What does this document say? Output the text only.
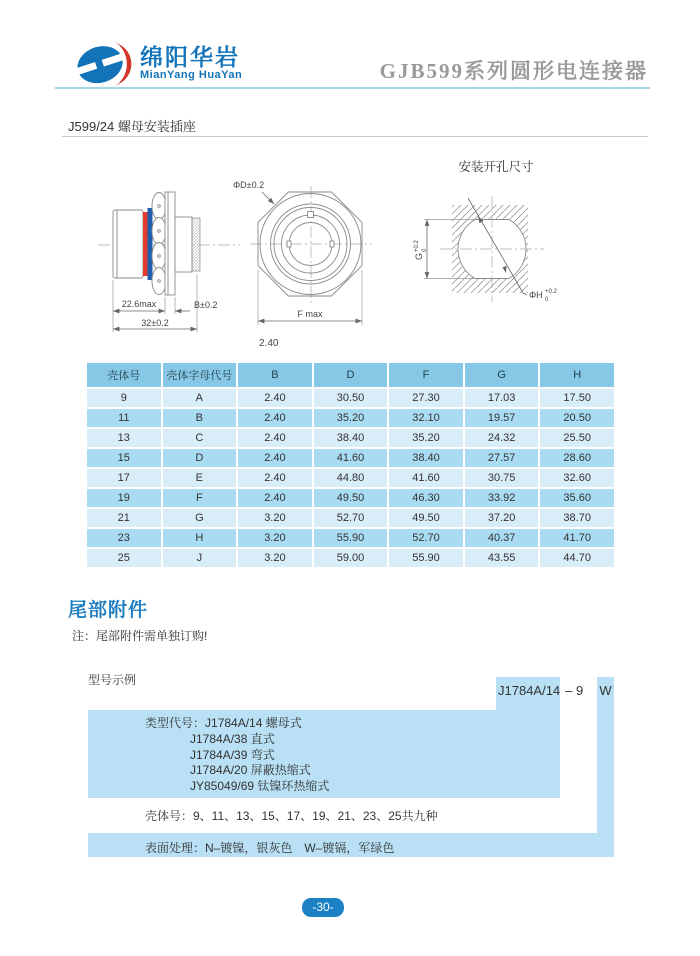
绵阳华岩
MianYang HuaYan	GJB599系列圆形电连接器
J599/24 螺母安装插座
22.6max
32±0.2
B±0.2
F max
ΦD±0.2
2.40
安装开孔尺寸
G
+0.2 0
ΦH +0.2
0
壳体号	壳体字母代号	B	D	F	G	H
9	A	2.40	30.50	27.30	17.03	17.50
11	B	2.40	35.20	32.10	19.57	20.50
13	C	2.40	38.40	35.20	24.32	25.50
15	D	2.40	41.60	38.40	27.57	28.60
17	E	2.40	44.80	41.60	30.75	32.60
19	F	2.40	49.50	46.30	33.92	35.60
21	G	3.20	52.70	49.50	37.20	38.70
23	H	3.20	55.90	52.70	40.37	41.70
25	J	3.20	59.00	55.90	43.55	44.70
尾部附件
注：尾部附件需单独订购!
型号示例
J1784A/14 – 9 W
类型代号：J1784A/14 螺母式
J1784A/38 直式
J1784A/39 弯式
J1784A/20 屏蔽热缩式
JY85049/69 钛镍环热缩式
壳体号：9、11、13、15、17、19、21、23、25共九种
表面处理：N–镀镍，银灰色　W–镀镉，军绿色
-30-
